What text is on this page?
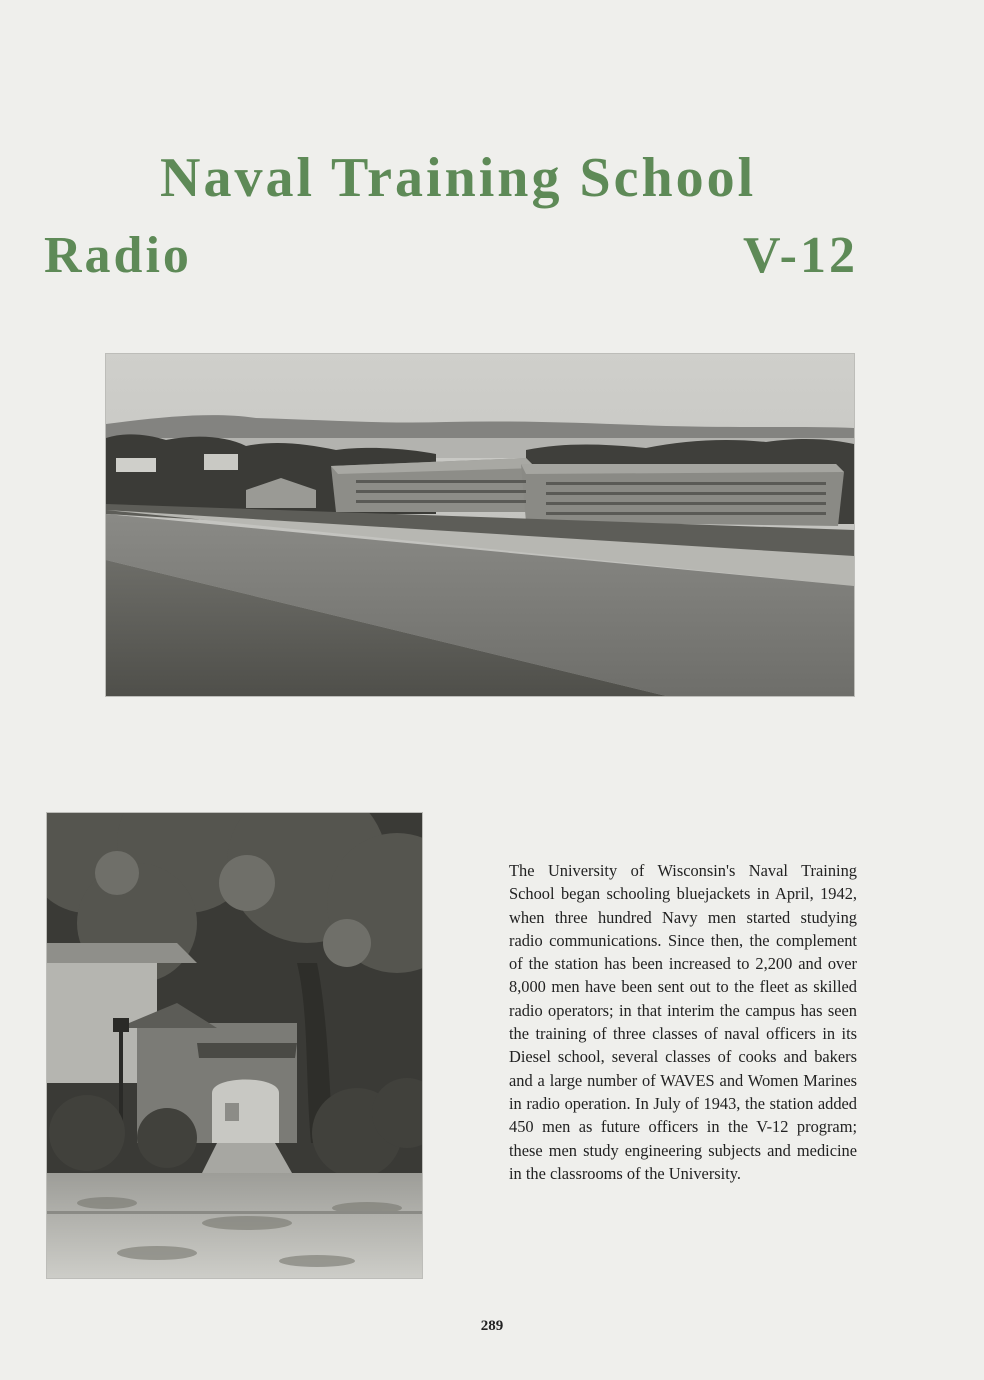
Naval Training School
Radio	V-12

The University of Wisconsin's Naval Training School began schooling bluejackets in April, 1942, when three hundred Navy men started studying radio communications. Since then, the complement of the station has been increased to 2,200 and over 8,000 men have been sent out to the fleet as skilled radio operators; in that interim the campus has seen the training of three classes of naval officers in its Diesel school, several classes of cooks and bakers and a large number of WAVES and Women Marines in radio operation. In July of 1943, the station added 450 men as future officers in the V-12 program; these men study engineering subjects and medicine in the classrooms of the University.

289
